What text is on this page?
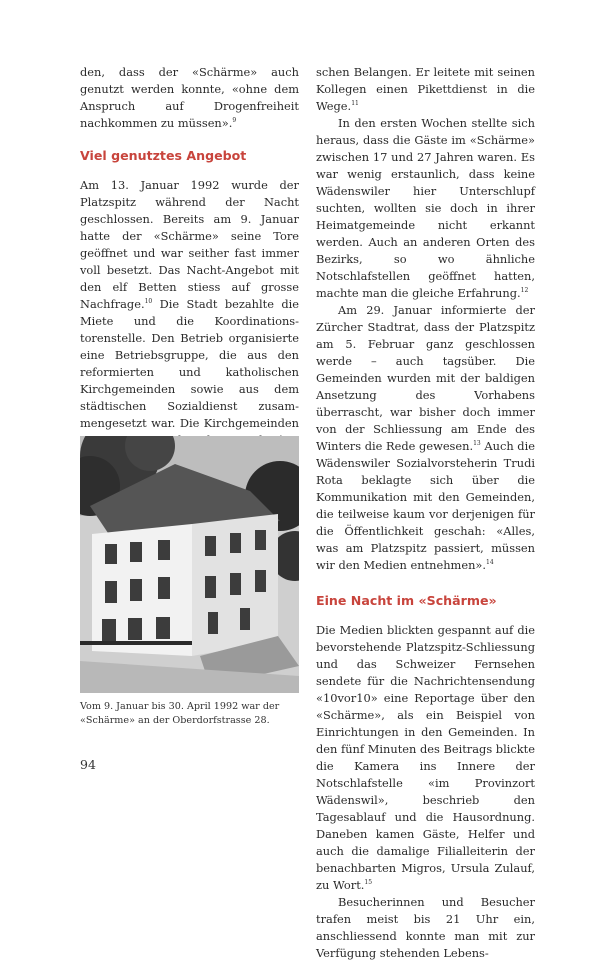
den, dass der «Schärme» auch genutzt werden konnte, «ohne dem Anspruch auf Drogenfreiheit nachkommen zu müssen».$^9$

Viel genutztes Angebot

Am 13. Januar 1992 wurde der Platzspitz während der Nacht geschlossen. Bereits am 9. Januar hatte der «Schärme» seine Tore geöffnet und war seither fast immer voll besetzt. Das Nacht-Angebot mit den elf Betten stiess auf grosse Nachfrage.$^{10}$ Die Stadt bezahlte die Miete und die Koordinationstorenstelle. Den Betrieb organisierte eine Betriebsgruppe, die aus den reformierten und katholischen Kirchgemeinden sowie aus dem städtischen Sozialdienst zusammengesetzt war. Die Kirchgemeinden

Vom 9. Januar bis 30. April 1992 war der «Schärme» an der Oberdorfstrasse 28.

schen Belangen. Er leitete mit seinen Kollegen einen Pikettdienst in die Wege.$^{11}$

In den ersten Wochen stellte sich heraus, dass die Gäste im «Schärme» zwischen 17 und 27 Jahren waren. Es war wenig erstaunlich, dass keine Wädenswiler hier Unterschlupf suchten, wollten sie doch in ihrer Heimatgemeinde nicht erkannt werden. Auch an anderen Orten des Bezirks, so wo ähnliche Notschlafstellen geöffnet hatten, machte man die gleiche Erfahrung.$^{12}$

Am 29. Januar informierte der Zürcher Stadtrat, dass der Platzspitz am 5. Februar ganz geschlossen werde – auch tagsüber. Die Gemeinden wurden mit der baldigen Ansetzung des Vorhabens überrascht, war bisher doch immer von der Schliessung am Ende des Winters die Rede gewesen.$^{13}$ Auch die Wädenswiler Sozialvorsteherin Trudi Rota beklagte sich über die Kommunikation mit den Gemeinden, die teilweise kaum vor derjenigen für die Öffentlichkeit geschah: «Alles, was am Platzspitz passiert, müssen wir den Medien entnehmen».$^{14}$

Eine Nacht im «Schärme»

Die Medien blickten gespannt auf die bevorstehende Platzspitz-Schliessung und das Schweizer Fernsehen sendete für die Nachrichtensendung «10vor10» eine Reportage über den «Schärme», als ein Beispiel von Einrichtungen in den Gemeinden. In den fünf Minuten des Beitrags blickte die Kamera ins Innere der Notschlafstelle «im Provinzort Wädenswil», beschrieb den Tagesablauf und die Hausordnung. Daneben kamen Gäste, Helfer und auch die damalige Filialleiterin der benachbarten Migros, Ursula Zulauf, zu Wort.$^{15}$

Besucherinnen und Besucher trafen meist bis 21 Uhr ein, anschliessend konnte man mit zur Verfügung stehenden Lebens-

94
